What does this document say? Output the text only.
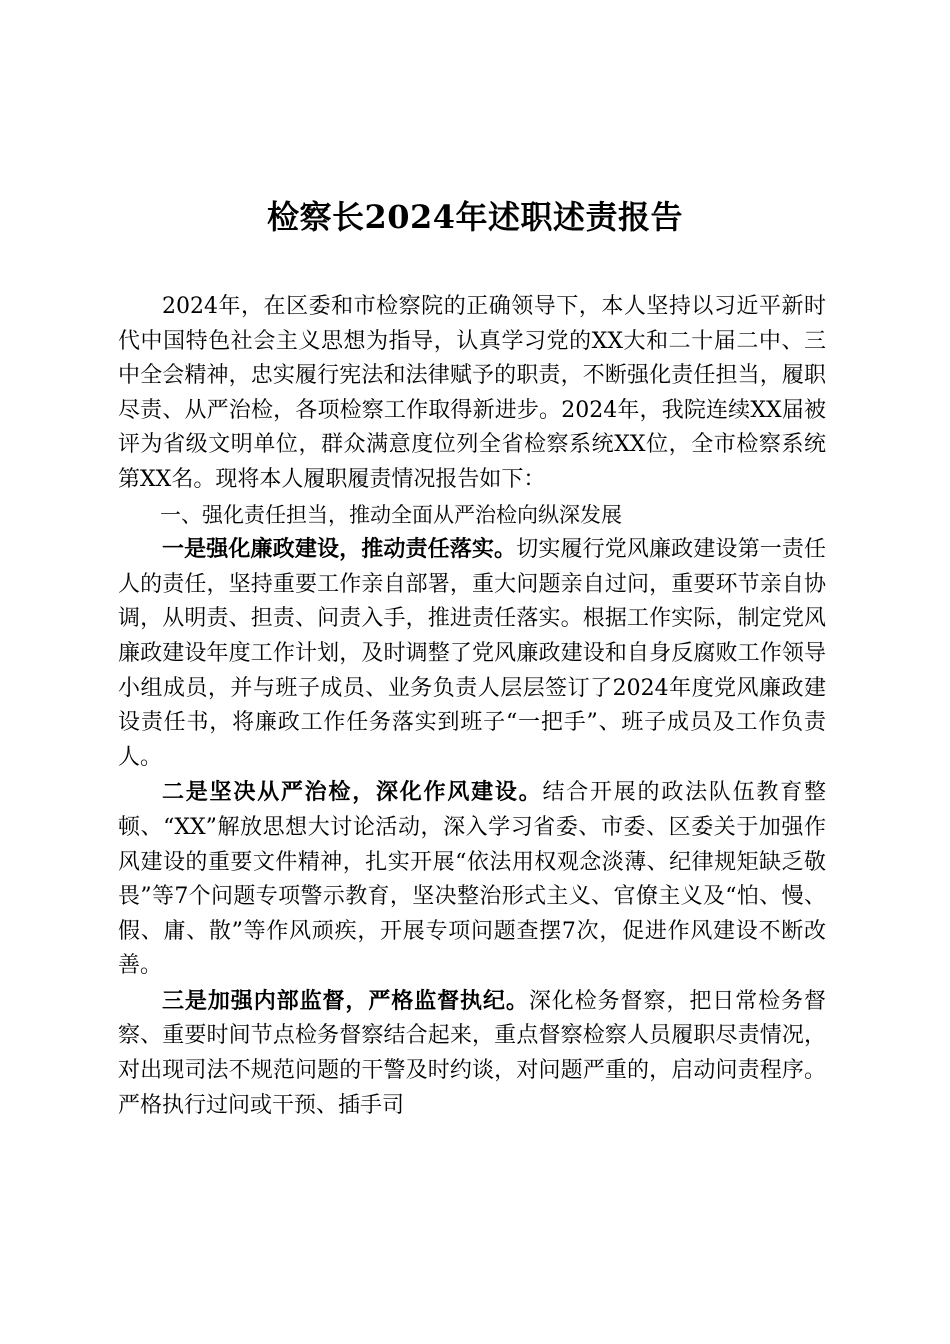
检察长2024年述职述责报告

2024年，在区委和市检察院的正确领导下，本人坚持以习近平新时代中国特色社会主义思想为指导，认真学习党的XX大和二十届二中、三中全会精神，忠实履行宪法和法律赋予的职责，不断强化责任担当，履职尽责、从严治检，各项检察工作取得新进步。2024年，我院连续XX届被评为省级文明单位，群众满意度位列全省检察系统XX位，全市检察系统第XX名。现将本人履职履责情况报告如下：

一、强化责任担当，推动全面从严治检向纵深发展

一是强化廉政建设，推动责任落实。切实履行党风廉政建设第一责任人的责任，坚持重要工作亲自部署，重大问题亲自过问，重要环节亲自协调，从明责、担责、问责入手，推进责任落实。根据工作实际，制定党风廉政建设年度工作计划，及时调整了党风廉政建设和自身反腐败工作领导小组成员，并与班子成员、业务负责人层层签订了2024年度党风廉政建设责任书，将廉政工作任务落实到班子“一把手”、班子成员及工作负责人。

二是坚决从严治检，深化作风建设。结合开展的政法队伍教育整顿、“XX”解放思想大讨论活动，深入学习省委、市委、区委关于加强作风建设的重要文件精神，扎实开展“依法用权观念淡薄、纪律规矩缺乏敬畏”等7个问题专项警示教育，坚决整治形式主义、官僚主义及“怕、慢、假、庸、散”等作风顽疾，开展专项问题查摆7次，促进作风建设不断改善。

三是加强内部监督，严格监督执纪。深化检务督察，把日常检务督察、重要时间节点检务督察结合起来，重点督察检察人员履职尽责情况，对出现司法不规范问题的干警及时约谈，对问题严重的，启动问责程序。严格执行过问或干预、插手司
